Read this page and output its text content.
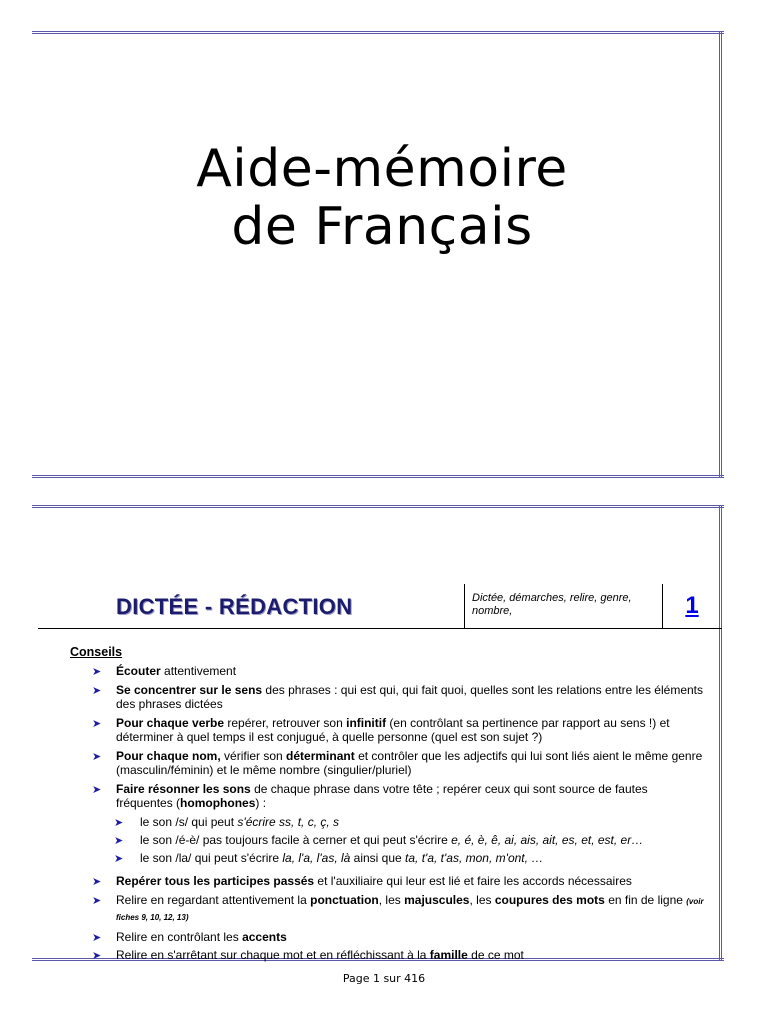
Aide-mémoire
de Français
DICTÉE - RÉDACTION	Dictée, démarches, relire, genre, nombre,	1
Conseils
➤ Écouter attentivement
➤ Se concentrer sur le sens des phrases : qui est qui, qui fait quoi, quelles sont les relations entre les éléments des phrases dictées
➤ Pour chaque verbe repérer, retrouver son infinitif (en contrôlant sa pertinence par rapport au sens !) et déterminer à quel temps il est conjugué, à quelle personne (quel est son sujet ?)
➤ Pour chaque nom, vérifier son déterminant et contrôler que les adjectifs qui lui sont liés aient le même genre (masculin/féminin) et le même nombre (singulier/pluriel)
➤ Faire résonner les sons de chaque phrase dans votre tête ; repérer ceux qui sont source de fautes fréquentes (homophones) :
➤ le son /s/ qui peut s'écrire ss, t, c, ç, s
➤ le son /é-è/ pas toujours facile à cerner et qui peut s'écrire e, é, è, ê, ai, ais, ait, es, et, est, er…
➤ le son /la/ qui peut s'écrire la, l'a, l'as, là ainsi que ta, t'a, t'as, mon, m'ont, …
➤ Repérer tous les participes passés et l'auxiliaire qui leur est lié et faire les accords nécessaires
➤ Relire en regardant attentivement la ponctuation, les majuscules, les coupures des mots en fin de ligne (voir fiches 9, 10, 12, 13)
➤ Relire en contrôlant les accents
➤ Relire en s'arrêtant sur chaque mot et en réfléchissant à la famille de ce mot
Page 1 sur 416
